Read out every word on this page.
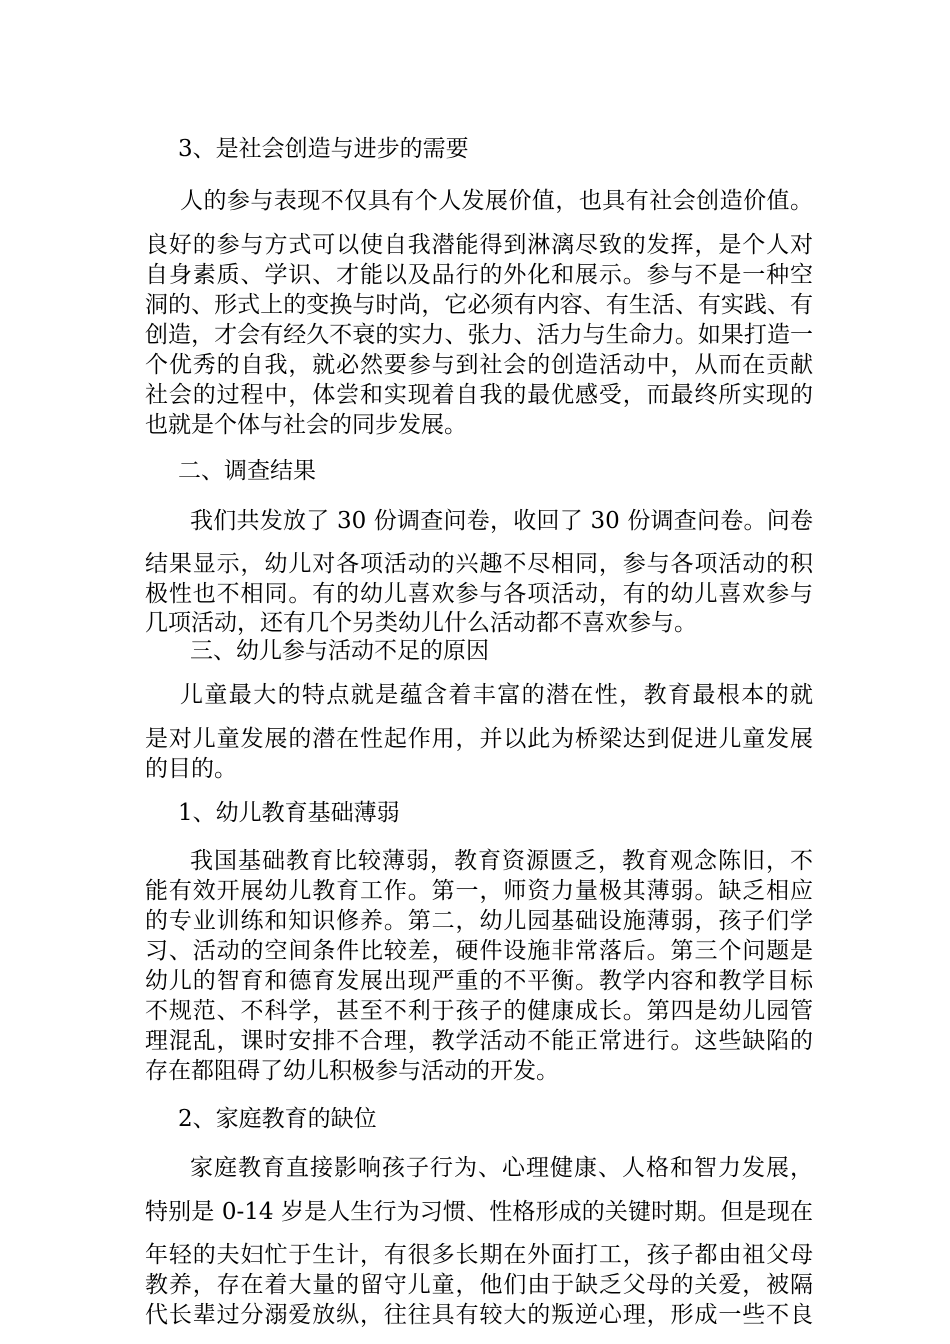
3、是社会创造与进步的需要
人的参与表现不仅具有个人发展价值，也具有社会创造价值。
良好的参与方式可以使自我潜能得到淋漓尽致的发挥，是个人对
自身素质、学识、才能以及品行的外化和展示。参与不是一种空
洞的、形式上的变换与时尚，它必须有内容、有生活、有实践、有
创造，才会有经久不衰的实力、张力、活力与生命力。如果打造一
个优秀的自我，就必然要参与到社会的创造活动中，从而在贡献
社会的过程中，体尝和实现着自我的最优感受，而最终所实现的
也就是个体与社会的同步发展。
二、调查结果
我们共发放了 30 份调查问卷，收回了 30 份调查问卷。问卷
结果显示，幼儿对各项活动的兴趣不尽相同，参与各项活动的积
极性也不相同。有的幼儿喜欢参与各项活动，有的幼儿喜欢参与
几项活动，还有几个另类幼儿什么活动都不喜欢参与。
三、幼儿参与活动不足的原因
儿童最大的特点就是蕴含着丰富的潜在性，教育最根本的就
是对儿童发展的潜在性起作用，并以此为桥梁达到促进儿童发展
的目的。
1、幼儿教育基础薄弱
我国基础教育比较薄弱，教育资源匮乏，教育观念陈旧，不
能有效开展幼儿教育工作。第一，师资力量极其薄弱。缺乏相应
的专业训练和知识修养。第二，幼儿园基础设施薄弱，孩子们学
习、活动的空间条件比较差，硬件设施非常落后。第三个问题是
幼儿的智育和德育发展出现严重的不平衡。教学内容和教学目标
不规范、不科学，甚至不利于孩子的健康成长。第四是幼儿园管
理混乱，课时安排不合理，教学活动不能正常进行。这些缺陷的
存在都阻碍了幼儿积极参与活动的开发。
2、家庭教育的缺位
家庭教育直接影响孩子行为、心理健康、人格和智力发展，
特别是 0-14 岁是人生行为习惯、性格形成的关键时期。但是现在
年轻的夫妇忙于生计，有很多长期在外面打工，孩子都由祖父母
教养，存在着大量的留守儿童，他们由于缺乏父母的关爱，被隔
代长辈过分溺爱放纵，往往具有较大的叛逆心理，形成一些不良
